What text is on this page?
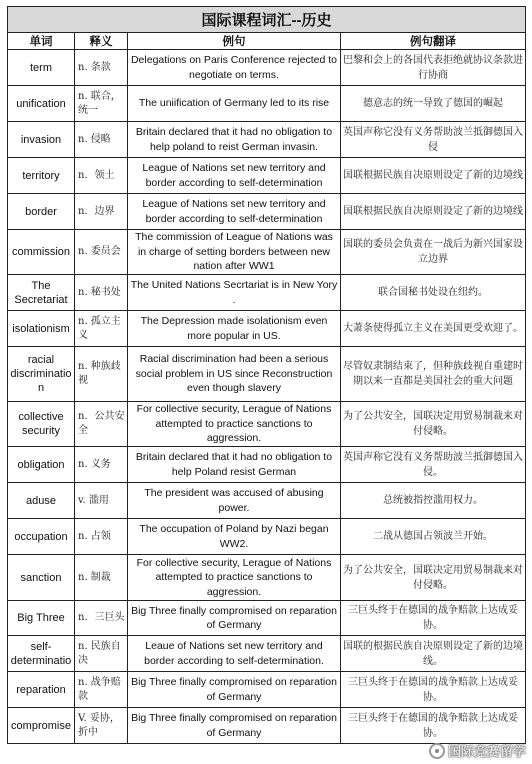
国际课程词汇--历史			
单词	释义	例句	例句翻译
term	n. 条款	Delegations on Paris Conference rejected to negotiate on terms.	巴黎和会上的各国代表拒绝就协议条款进行协商
unification	n. 联合，统一	The uniification of Germany led to its rise	德意志的统一导致了德国的崛起
invasion	n. 侵略	Britain declared that it had no obligation to help poland to reist German invasin.	英国声称它没有义务帮助波兰抵御德国入侵
territory	n．领土	League of Nations set new territory and border according to self-determination	国联根据民族自决原则设定了新的边境线
border	n．边界	League of Nations set new territory and border according to self-determination	国联根据民族自决原则设定了新的边境线
commission	n. 委员会	The commission of League of Nations was in charge of setting borders between new nation after WW1	国联的委员会负责在一战后为新兴国家设立边界
The Secretariat	n. 秘书处	The United Nations Secrtariat is in New Yory .	联合国秘书处设在纽约。
isolationism	n. 孤立主义	The Depression made isolationism even more popular in US.	大萧条使得孤立主义在美国更受欢迎了。
racial discriminatio n	n. 种族歧视	Racial discrimination had been a serious social problem in US since Reconstruction even though slavery	尽管奴隶制结束了，但种族歧视自重建时期以来一直都是美国社会的重大问题
collective security	n．公共安全	For collective security, Lerague of Nations attempted to practice sanctions to aggression.	为了公共安全，国联决定用贸易制裁来对付侵略。
obligation	n. 义务	Britain declared that it had no obligation to help Poland resist German	英国声称它没有义务帮助波兰抵御德国入侵。
aduse	v. 滥用	The president was accused of abusing power.	总统被指控滥用权力。
occupation	n. 占领	The occupation of Poland by Nazi began WW2.	二战从德国占领波兰开始。
sanction	n. 制裁	For collective security, Lerague of Nations attempted to practice sanctions to aggression.	为了公共安全，国联决定用贸易制裁来对付侵略。
Big Three	n．三巨头	Big Three finally compromised on reparation of Germany	三巨头终于在德国的战争赔款上达成妥协。
self-determinatio	n. 民族自决	Leaue of Nations set new territory and border according to self-determination.	国联的根据民族自决原则设定了新的边境线。
reparation	n. 战争赔款	Big Three finally compromised on reparation of Germany	三巨头终于在德国的战争赔款上达成妥协。
compromise	V. 妥协，折中	Big Three finally compromised on reparation of Germany	三巨头终于在德国的战争赔款上达成妥协。
国际竞赛留学
